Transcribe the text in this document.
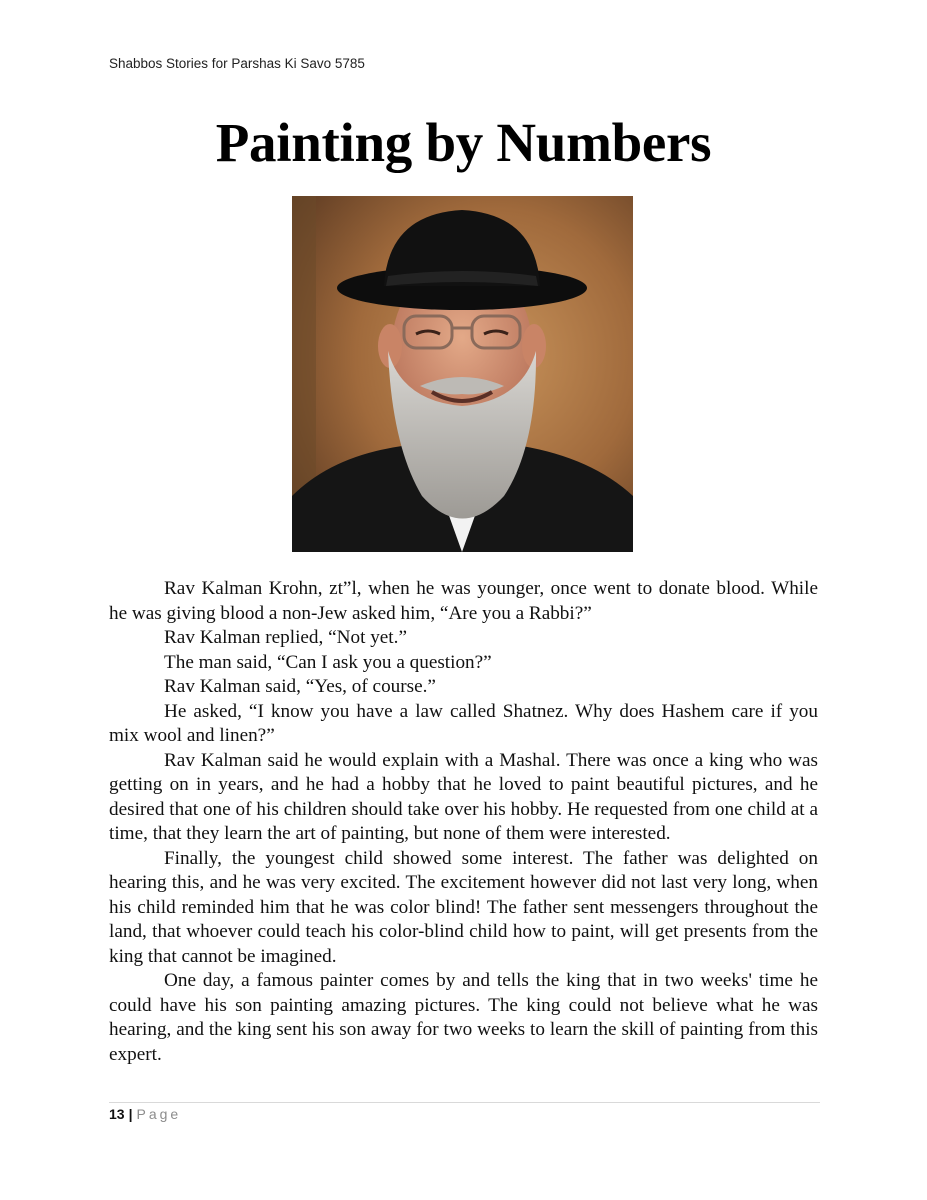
Shabbos Stories for Parshas Ki Savo 5785
Painting by Numbers

Rav Kalman Krohn, zt”l, when he was younger, once went to donate blood. While he was giving blood a non-Jew asked him, “Are you a Rabbi?”

Rav Kalman replied, “Not yet.”

The man said, “Can I ask you a question?”

Rav Kalman said, “Yes, of course.”

He asked, “I know you have a law called Shatnez. Why does Hashem care if you mix wool and linen?”

Rav Kalman said he would explain with a Mashal. There was once a king who was getting on in years, and he had a hobby that he loved to paint beautiful pictures, and he desired that one of his children should take over his hobby. He requested from one child at a time, that they learn the art of painting, but none of them were interested.

Finally, the youngest child showed some interest. The father was delighted on hearing this, and he was very excited. The excitement however did not last very long, when his child reminded him that he was color blind! The father sent messengers throughout the land, that whoever could teach his color-blind child how to paint, will get presents from the king that cannot be imagined.

One day, a famous painter comes by and tells the king that in two weeks' time he could have his son painting amazing pictures. The king could not believe what he was hearing, and the king sent his son away for two weeks to learn the skill of painting from this expert.

13 | Page
